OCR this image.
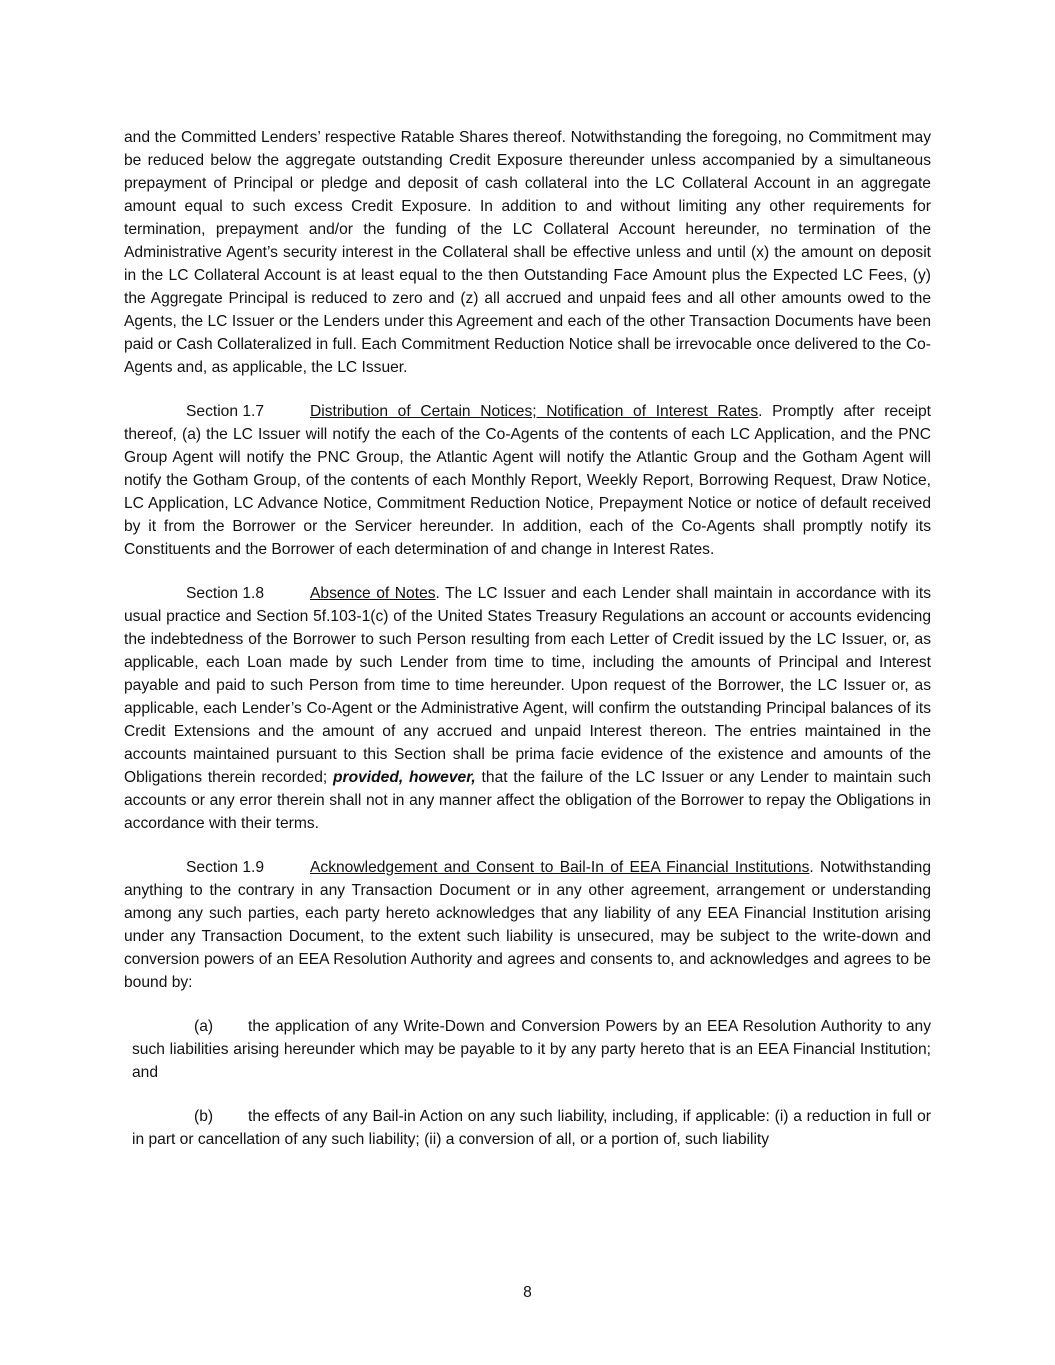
and the Committed Lenders’ respective Ratable Shares thereof. Notwithstanding the foregoing, no Commitment may be reduced below the aggregate outstanding Credit Exposure thereunder unless accompanied by a simultaneous prepayment of Principal or pledge and deposit of cash collateral into the LC Collateral Account in an aggregate amount equal to such excess Credit Exposure. In addition to and without limiting any other requirements for termination, prepayment and/or the funding of the LC Collateral Account hereunder, no termination of the Administrative Agent’s security interest in the Collateral shall be effective unless and until (x) the amount on deposit in the LC Collateral Account is at least equal to the then Outstanding Face Amount plus the Expected LC Fees, (y) the Aggregate Principal is reduced to zero and (z) all accrued and unpaid fees and all other amounts owed to the Agents, the LC Issuer or the Lenders under this Agreement and each of the other Transaction Documents have been paid or Cash Collateralized in full. Each Commitment Reduction Notice shall be irrevocable once delivered to the Co-Agents and, as applicable, the LC Issuer.

Section 1.7	Distribution of Certain Notices; Notification of Interest Rates. Promptly after receipt thereof, (a) the LC Issuer will notify the each of the Co-Agents of the contents of each LC Application, and the PNC Group Agent will notify the PNC Group, the Atlantic Agent will notify the Atlantic Group and the Gotham Agent will notify the Gotham Group, of the contents of each Monthly Report, Weekly Report, Borrowing Request, Draw Notice, LC Application, LC Advance Notice, Commitment Reduction Notice, Prepayment Notice or notice of default received by it from the Borrower or the Servicer hereunder. In addition, each of the Co-Agents shall promptly notify its Constituents and the Borrower of each determination of and change in Interest Rates.

Section 1.8	Absence of Notes. The LC Issuer and each Lender shall maintain in accordance with its usual practice and Section 5f.103-1(c) of the United States Treasury Regulations an account or accounts evidencing the indebtedness of the Borrower to such Person resulting from each Letter of Credit issued by the LC Issuer, or, as applicable, each Loan made by such Lender from time to time, including the amounts of Principal and Interest payable and paid to such Person from time to time hereunder. Upon request of the Borrower, the LC Issuer or, as applicable, each Lender’s Co-Agent or the Administrative Agent, will confirm the outstanding Principal balances of its Credit Extensions and the amount of any accrued and unpaid Interest thereon. The entries maintained in the accounts maintained pursuant to this Section shall be prima facie evidence of the existence and amounts of the Obligations therein recorded; provided, however, that the failure of the LC Issuer or any Lender to maintain such accounts or any error therein shall not in any manner affect the obligation of the Borrower to repay the Obligations in accordance with their terms.

Section 1.9	Acknowledgement and Consent to Bail-In of EEA Financial Institutions. Notwithstanding anything to the contrary in any Transaction Document or in any other agreement, arrangement or understanding among any such parties, each party hereto acknowledges that any liability of any EEA Financial Institution arising under any Transaction Document, to the extent such liability is unsecured, may be subject to the write-down and conversion powers of an EEA Resolution Authority and agrees and consents to, and acknowledges and agrees to be bound by:

(a) the application of any Write-Down and Conversion Powers by an EEA Resolution Authority to any such liabilities arising hereunder which may be payable to it by any party hereto that is an EEA Financial Institution; and

(b) the effects of any Bail-in Action on any such liability, including, if applicable: (i) a reduction in full or in part or cancellation of any such liability; (ii) a conversion of all, or a portion of, such liability

8
